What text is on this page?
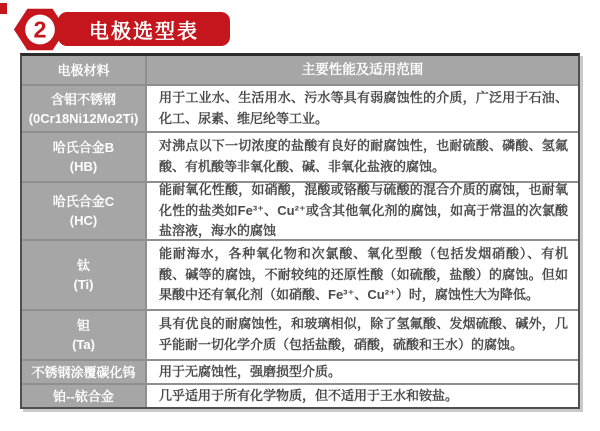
电极选型表
2
电极材料	主要性能及适用范围
含钼不锈钢
(0Cr18Ni12Mo2Ti)
用于工业水、生活用水、污水等具有弱腐蚀性的介质，广泛用于石油、化工、尿素、维尼纶等工业。
哈氏合金B
(HB)
对沸点以下一切浓度的盐酸有良好的耐腐蚀性，也耐硫酸、磷酸、氢氟酸、有机酸等非氧化酸、碱、非氧化盐液的腐蚀。
哈氏合金C
(HC)
能耐氧化性酸，如硝酸，混酸或铬酸与硫酸的混合介质的腐蚀，也耐氧化性的盐类如Fe³⁺、Cu²⁺或含其他氧化剂的腐蚀，如高于常温的次氯酸盐溶液，海水的腐蚀
钛
(Ti)
能耐海水，各种氧化物和次氯酸、氧化型酸（包括发烟硝酸）、有机酸、碱等的腐蚀，不耐较纯的还原性酸（如硫酸，盐酸）的腐蚀。但如果酸中还有氧化剂（如硝酸、Fe³⁺、Cu²⁺）时，腐蚀性大为降低。
钽
(Ta)
具有优良的耐腐蚀性，和玻璃相似，除了氢氟酸、发烟硫酸、碱外，几乎能耐一切化学介质（包括盐酸，硝酸，硫酸和王水）的腐蚀。
不锈钢涂覆碳化钨 用于无腐蚀性，强磨损型介质。
铂--铱合金	几乎适用于所有化学物质，但不适用于王水和铵盐。
